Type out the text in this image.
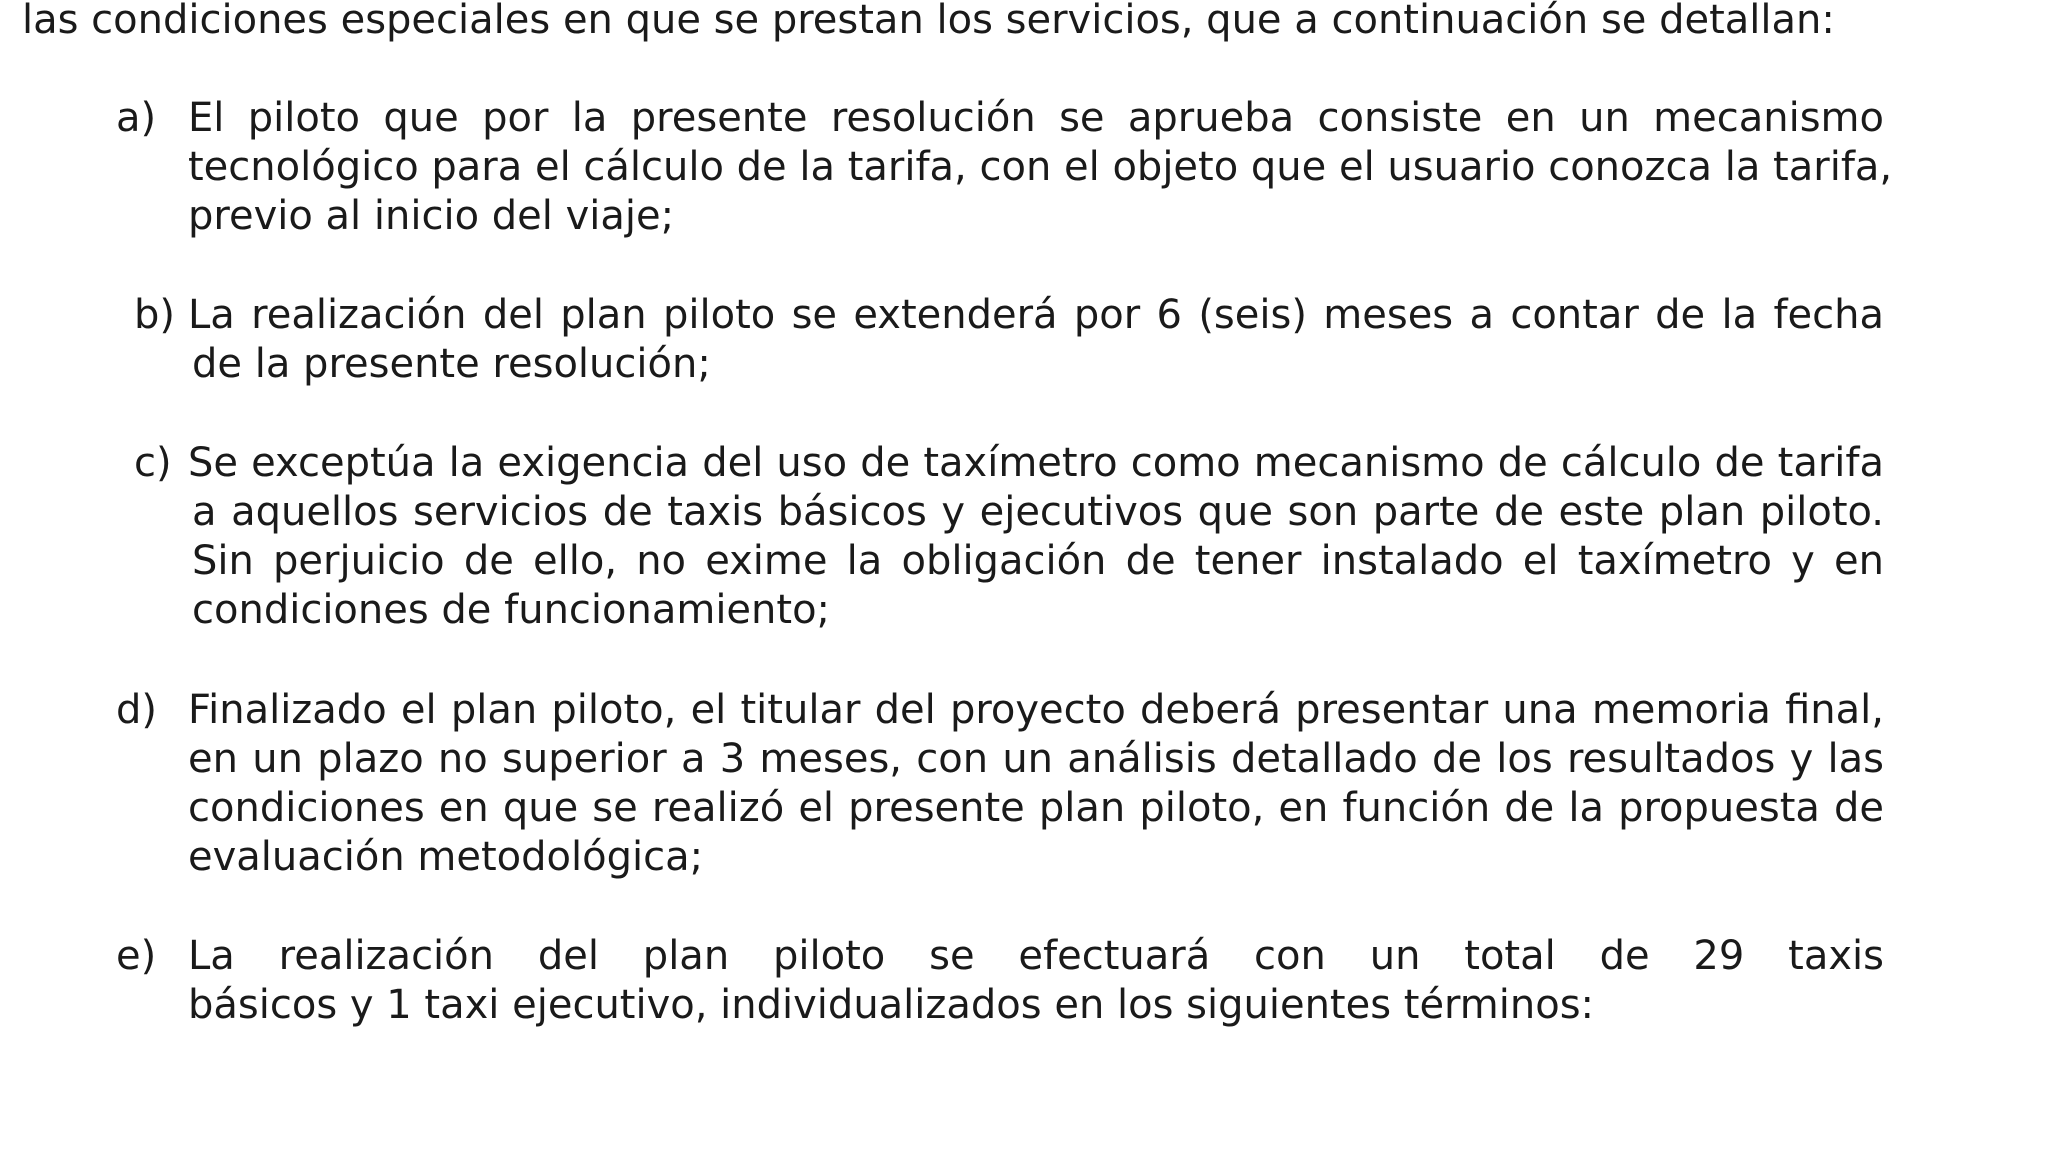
las condiciones especiales en que se prestan los servicios, que a continuación se detallan:
a) El piloto que por la presente resolución se aprueba consiste en un mecanismo
tecnológico para el cálculo de la tarifa, con el objeto que el usuario conozca la tarifa,
previo al inicio del viaje;
b) La realización del plan piloto se extenderá por 6 (seis) meses a contar de la fecha
de la presente resolución;
c) Se exceptúa la exigencia del uso de taxímetro como mecanismo de cálculo de tarifa
a aquellos servicios de taxis básicos y ejecutivos que son parte de este plan piloto.
Sin perjuicio de ello, no exime la obligación de tener instalado el taxímetro y en
condiciones de funcionamiento;
d) Finalizado el plan piloto, el titular del proyecto deberá presentar una memoria final,
en un plazo no superior a 3 meses, con un análisis detallado de los resultados y las
condiciones en que se realizó el presente plan piloto, en función de la propuesta de
evaluación metodológica;
e) La realización del plan piloto se efectuará con un total de 29 taxis
básicos y 1 taxi ejecutivo, individualizados en los siguientes términos:
